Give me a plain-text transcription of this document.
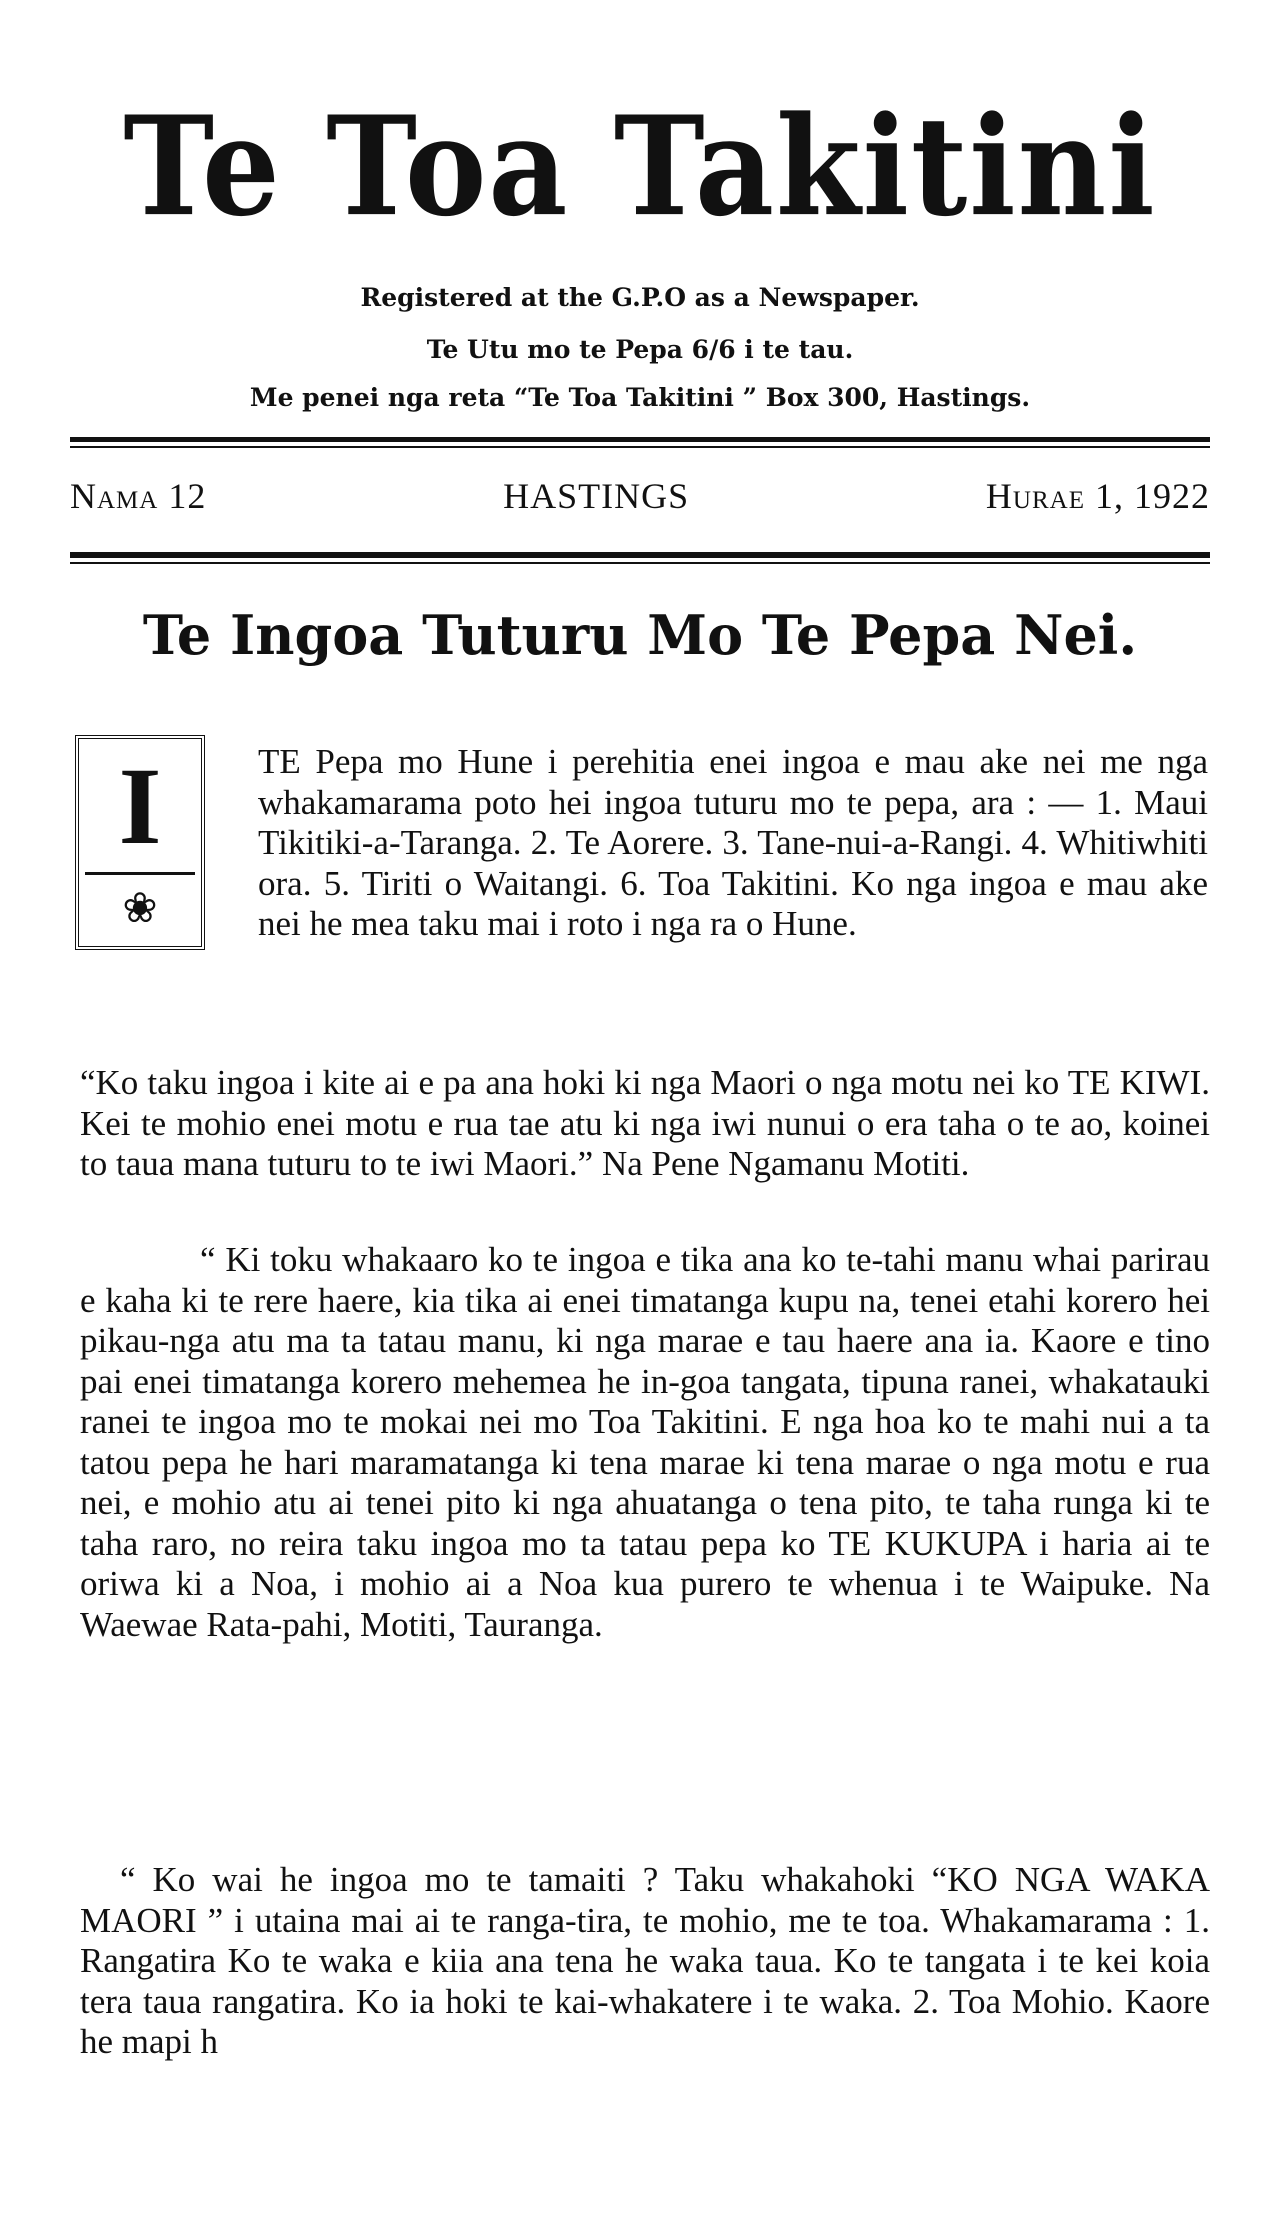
Te Toa Takitini
Registered at the G.P.O as a Newspaper.
Te Utu mo te Pepa 6/6 i te tau.
Me penei nga reta “Te Toa Takitini ” Box 300, Hastings.
Nama 12	HASTINGS	Hurae 1, 1922
Te Ingoa Tuturu Mo Te Pepa Nei.
I
❀
TE Pepa mo Hune i perehitia enei ingoa e mau ake nei me nga whakamarama poto hei ingoa tuturu mo te pepa, ara : — 1. Maui Tikitiki-a-Taranga. 2. Te Aorere. 3. Tane-nui-a-Rangi. 4. Whitiwhiti ora. 5. Tiriti o Waitangi. 6. Toa Takitini. Ko nga ingoa e mau ake nei he mea taku mai i roto i nga ra o Hune.
“Ko taku ingoa i kite ai e pa ana hoki ki nga Maori o nga motu nei ko TE KIWI. Kei te mohio enei motu e rua tae atu ki nga iwi nunui o era taha o te ao, koinei to taua mana tuturu to te iwi Maori.” Na Pene Ngamanu Motiti.
“ Ki toku whakaaro ko te ingoa e tika ana ko te-tahi manu whai parirau e kaha ki te rere haere, kia tika ai enei timatanga kupu na, tenei etahi korero hei pikau-nga atu ma ta tatau manu, ki nga marae e tau haere ana ia. Kaore e tino pai enei timatanga korero mehemea he in-goa tangata, tipuna ranei, whakatauki ranei te ingoa mo te mokai nei mo Toa Takitini. E nga hoa ko te mahi nui a ta tatou pepa he hari maramatanga ki tena marae ki tena marae o nga motu e rua nei, e mohio atu ai tenei pito ki nga ahuatanga o tena pito, te taha runga ki te taha raro, no reira taku ingoa mo ta tatau pepa ko TE KUKUPA i haria ai te oriwa ki a Noa, i mohio ai a Noa kua purero te whenua i te Waipuke. Na Waewae Rata-pahi, Motiti, Tauranga.
“ Ko wai he ingoa mo te tamaiti ? Taku whakahoki “KO NGA WAKA MAORI ” i utaina mai ai te ranga-tira, te mohio, me te toa. Whakamarama : 1. Rangatira Ko te waka e kiia ana tena he waka taua. Ko te tangata i te kei koia tera taua rangatira. Ko ia hoki te kai-whakatere i te waka. 2. Toa Mohio. Kaore he mapi h
